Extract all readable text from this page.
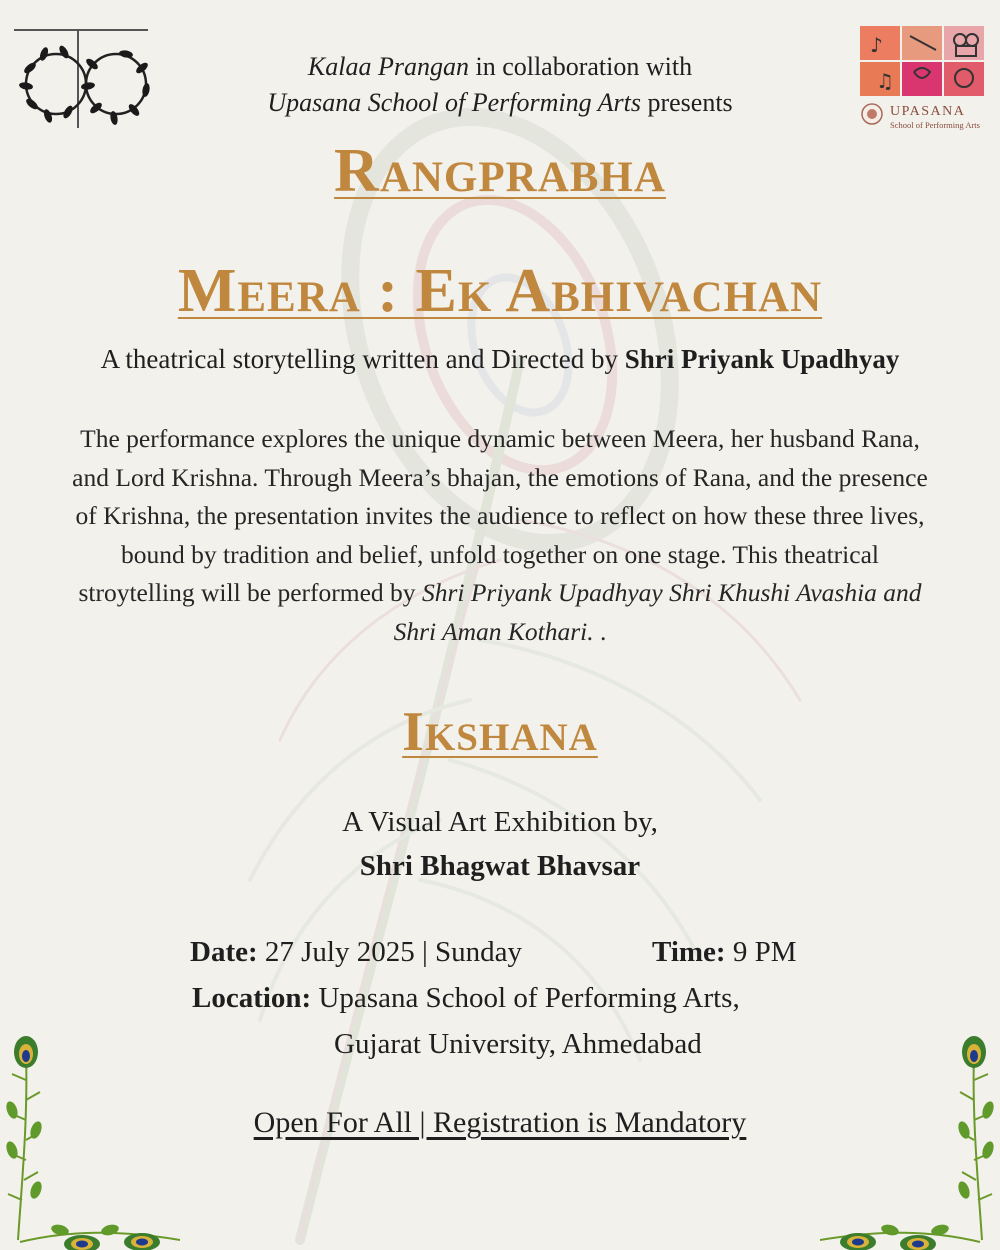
♪
♫
UPASANA
School of Performing Arts
Kalaa Prangan in collaboration with
Upasana School of Performing Arts presents
Rangprabha
Meera : Ek Abhivachan
A theatrical storytelling written and Directed by Shri Priyank Upadhyay
The performance explores the unique dynamic between Meera, her husband Rana, and Lord Krishna. Through Meera’s bhajan, the emotions of Rana, and the presence of Krishna, the presentation invites the audience to reflect on how these three lives, bound by tradition and belief, unfold together on one stage. This theatrical stroytelling will be performed by Shri Priyank Upadhyay Shri Khushi Avashia and Shri Aman Kothari. .
Ikshana
A Visual Art Exhibition by,
Shri Bhagwat Bhavsar
Date: 27 July 2025 | Sunday	Time: 9 PM
Location: Upasana School of Performing Arts,
Gujarat University, Ahmedabad
Open For All | Registration is Mandatory
